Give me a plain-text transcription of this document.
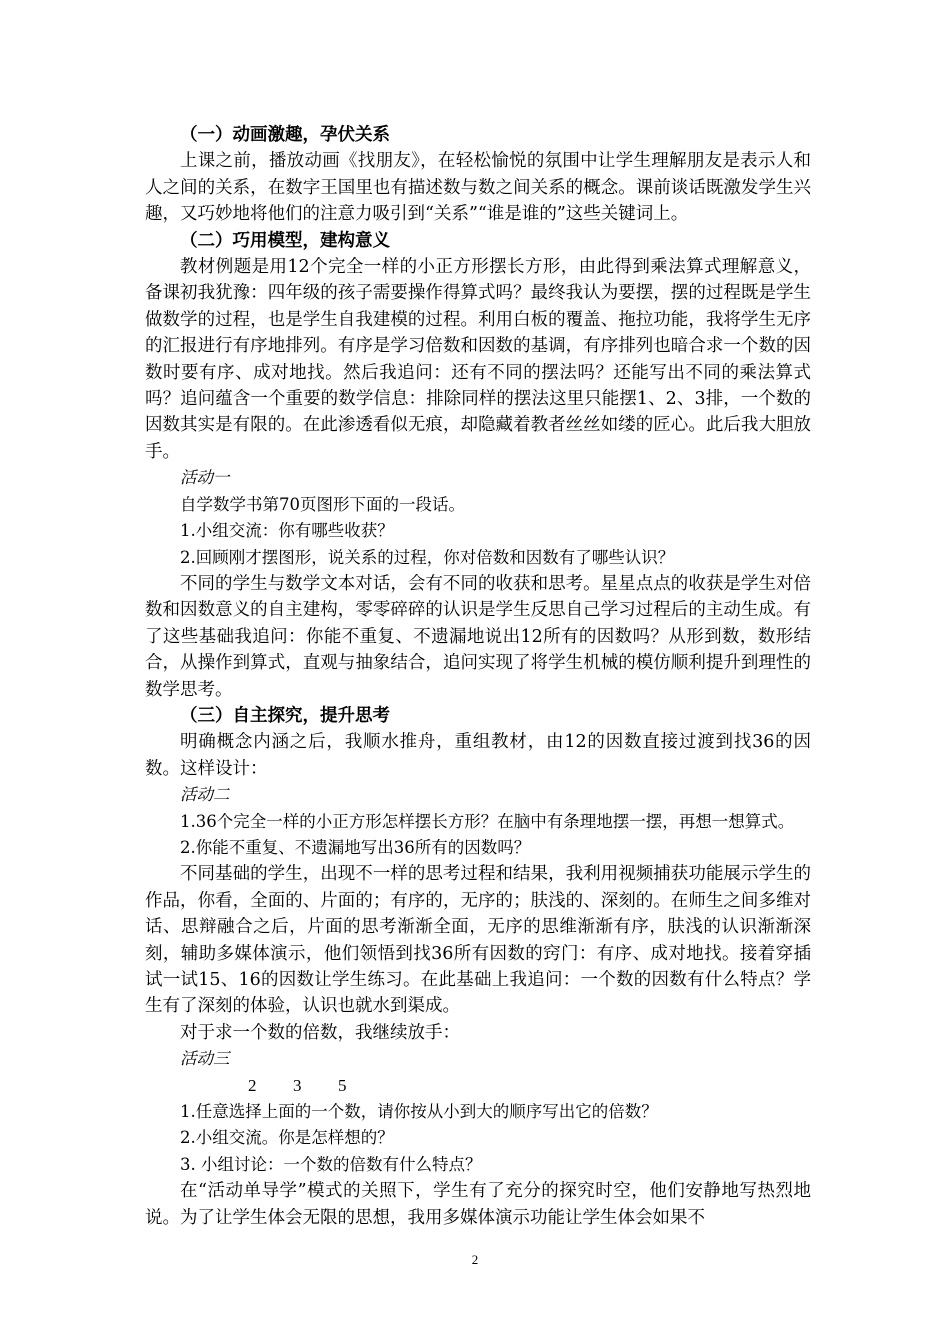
（一）动画激趣，孕伏关系

上课之前，播放动画《找朋友》，在轻松愉悦的氛围中让学生理解朋友是表示人和人之间的关系，在数字王国里也有描述数与数之间关系的概念。课前谈话既激发学生兴趣，又巧妙地将他们的注意力吸引到“关系”“谁是谁的”这些关键词上。

（二）巧用模型，建构意义

教材例题是用12个完全一样的小正方形摆长方形，由此得到乘法算式理解意义，备课初我犹豫：四年级的孩子需要操作得算式吗？最终我认为要摆，摆的过程既是学生做数学的过程，也是学生自我建模的过程。利用白板的覆盖、拖拉功能，我将学生无序的汇报进行有序地排列。有序是学习倍数和因数的基调，有序排列也暗合求一个数的因数时要有序、成对地找。然后我追问：还有不同的摆法吗？还能写出不同的乘法算式吗？追问蕴含一个重要的数学信息：排除同样的摆法这里只能摆1、2、3排，一个数的因数其实是有限的。在此渗透看似无痕，却隐藏着教者丝丝如缕的匠心。此后我大胆放手。

活动一

自学数学书第70页图形下面的一段话。

1.小组交流：你有哪些收获？

2.回顾刚才摆图形，说关系的过程，你对倍数和因数有了哪些认识？

不同的学生与数学文本对话，会有不同的收获和思考。星星点点的收获是学生对倍数和因数意义的自主建构，零零碎碎的认识是学生反思自己学习过程后的主动生成。有了这些基础我追问：你能不重复、不遗漏地说出12所有的因数吗？从形到数，数形结合，从操作到算式，直观与抽象结合，追问实现了将学生机械的模仿顺利提升到理性的数学思考。

（三）自主探究，提升思考

明确概念内涵之后，我顺水推舟，重组教材，由12的因数直接过渡到找36的因数。这样设计：

活动二

1.36个完全一样的小正方形怎样摆长方形？在脑中有条理地摆一摆，再想一想算式。

2.你能不重复、不遗漏地写出36所有的因数吗？

不同基础的学生，出现不一样的思考过程和结果，我利用视频捕获功能展示学生的作品，你看，全面的、片面的；有序的，无序的；肤浅的、深刻的。在师生之间多维对话、思辩融合之后，片面的思考渐渐全面，无序的思维渐渐有序，肤浅的认识渐渐深刻，辅助多媒体演示，他们领悟到找36所有因数的窍门：有序、成对地找。接着穿插试一试15、16的因数让学生练习。在此基础上我追问：一个数的因数有什么特点？学生有了深刻的体验，认识也就水到渠成。

对于求一个数的倍数，我继续放手：

活动三

2 3 5

1.任意选择上面的一个数，请你按从小到大的顺序写出它的倍数？

2.小组交流。你是怎样想的？

3. 小组讨论：一个数的倍数有什么特点？

在“活动单导学”模式的关照下，学生有了充分的探究时空，他们安静地写热烈地说。为了让学生体会无限的思想，我用多媒体演示功能让学生体会如果不

2
